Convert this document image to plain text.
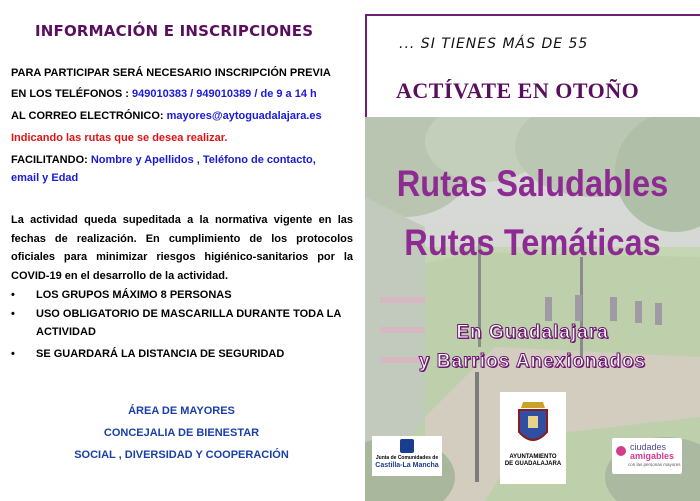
INFORMACIÓN E INSCRIPCIONES
PARA PARTICIPAR SERÁ NECESARIO INSCRIPCIÓN PREVIA
EN LOS TELÉFONOS : 949010383 / 949010389 / de 9 a 14 h
AL CORREO ELECTRÓNICO: mayores@aytoguadalajara.es
Indicando las rutas que se desea realizar.
FACILITANDO: Nombre y Apellidos , Teléfono de contacto,
email y Edad
La actividad queda supeditada a la normativa vigente en las fechas de realización. En cumplimiento de los protocolos oficiales para minimizar riesgos higiénico-sanitarios por la COVID-19 en el desarrollo de la actividad.
• LOS GRUPOS MÁXIMO 8 PERSONAS
• USO OBLIGATORIO DE MASCARILLA DURANTE TODA LA ACTIVIDAD
• SE GUARDARÁ LA DISTANCIA DE SEGURIDAD
ÁREA DE MAYORES
CONCEJALIA DE BIENESTAR
SOCIAL , DIVERSIDAD Y COOPERACIÓN
... SI TIENES MÁS DE 55
ACTÍVATE EN OTOÑO
Rutas Saludables
Rutas Temáticas
En Guadalajara
y Barrios Anexionados
Junta de Comunidades de
Castilla-La Mancha
AYUNTAMIENTO
DE GUADALAJARA
ciudades
amigables
con las personas mayores
